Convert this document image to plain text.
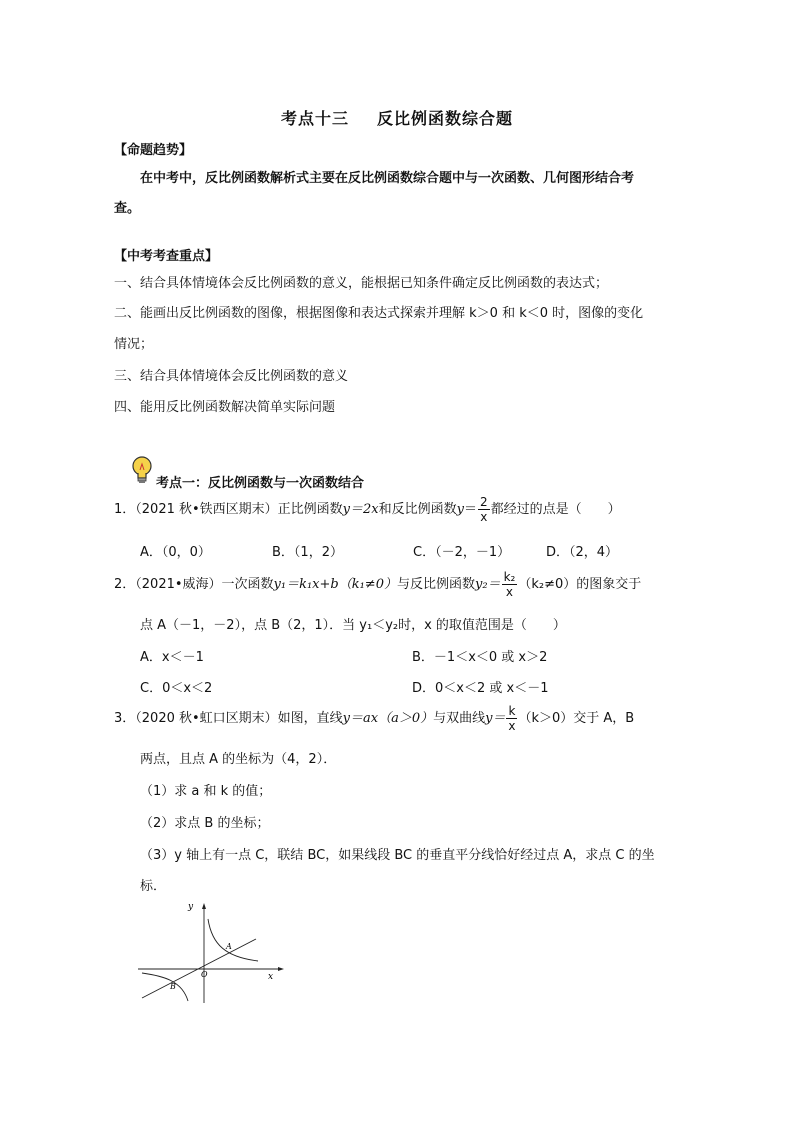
考点十三 反比例函数综合题
【命题趋势】
在中考中，反比例函数解析式主要在反比例函数综合题中与一次函数、几何图形结合考
查。
【中考考查重点】
一、结合具体情境体会反比例函数的意义，能根据已知条件确定反比例函数的表达式；
二、能画出反比例函数的图像，根据图像和表达式探索并理解 k＞0 和 k＜0 时，图像的变化
情况；
三、结合具体情境体会反比例函数的意义
四、能用反比例函数解决简单实际问题
考点一：反比例函数与一次函数结合
1．（2021 秋•铁西区期末）正比例函数y＝2x和反比例函数$y= \frac{2}{x}$ 都经过的点是（　　）
A．（0，0）	B．（1，2）	C．（－2，－1）	D．（2，4）
2．（2021•威海）一次函数y₁＝k₁x+b（k₁≠0）与反比例函数$y_2= \frac{\text{k₂}}{x} (k_2\ne 0)$的图象交于
点 A（－1，－2），点 B（2，1）．当 y₁＜y₂时，x 的取值范围是（　　）
A．x＜－1	B．－1＜x＜0 或 x＞2
C．0＜x＜2	D．0＜x＜2 或 x＜－1
3．（2020 秋•虹口区期末）如图，直线y＝ax（a＞0）与双曲线$y= \frac{k}{x} (k>0)$交于 A，B
两点，且点 A 的坐标为（4，2）．
（1）求 a 和 k 的值；
（2）求点 B 的坐标；
（3）y 轴上有一点 C，联结 BC，如果线段 BC 的垂直平分线恰好经过点 A，求点 C 的坐
标．
y
x
O
A
B
